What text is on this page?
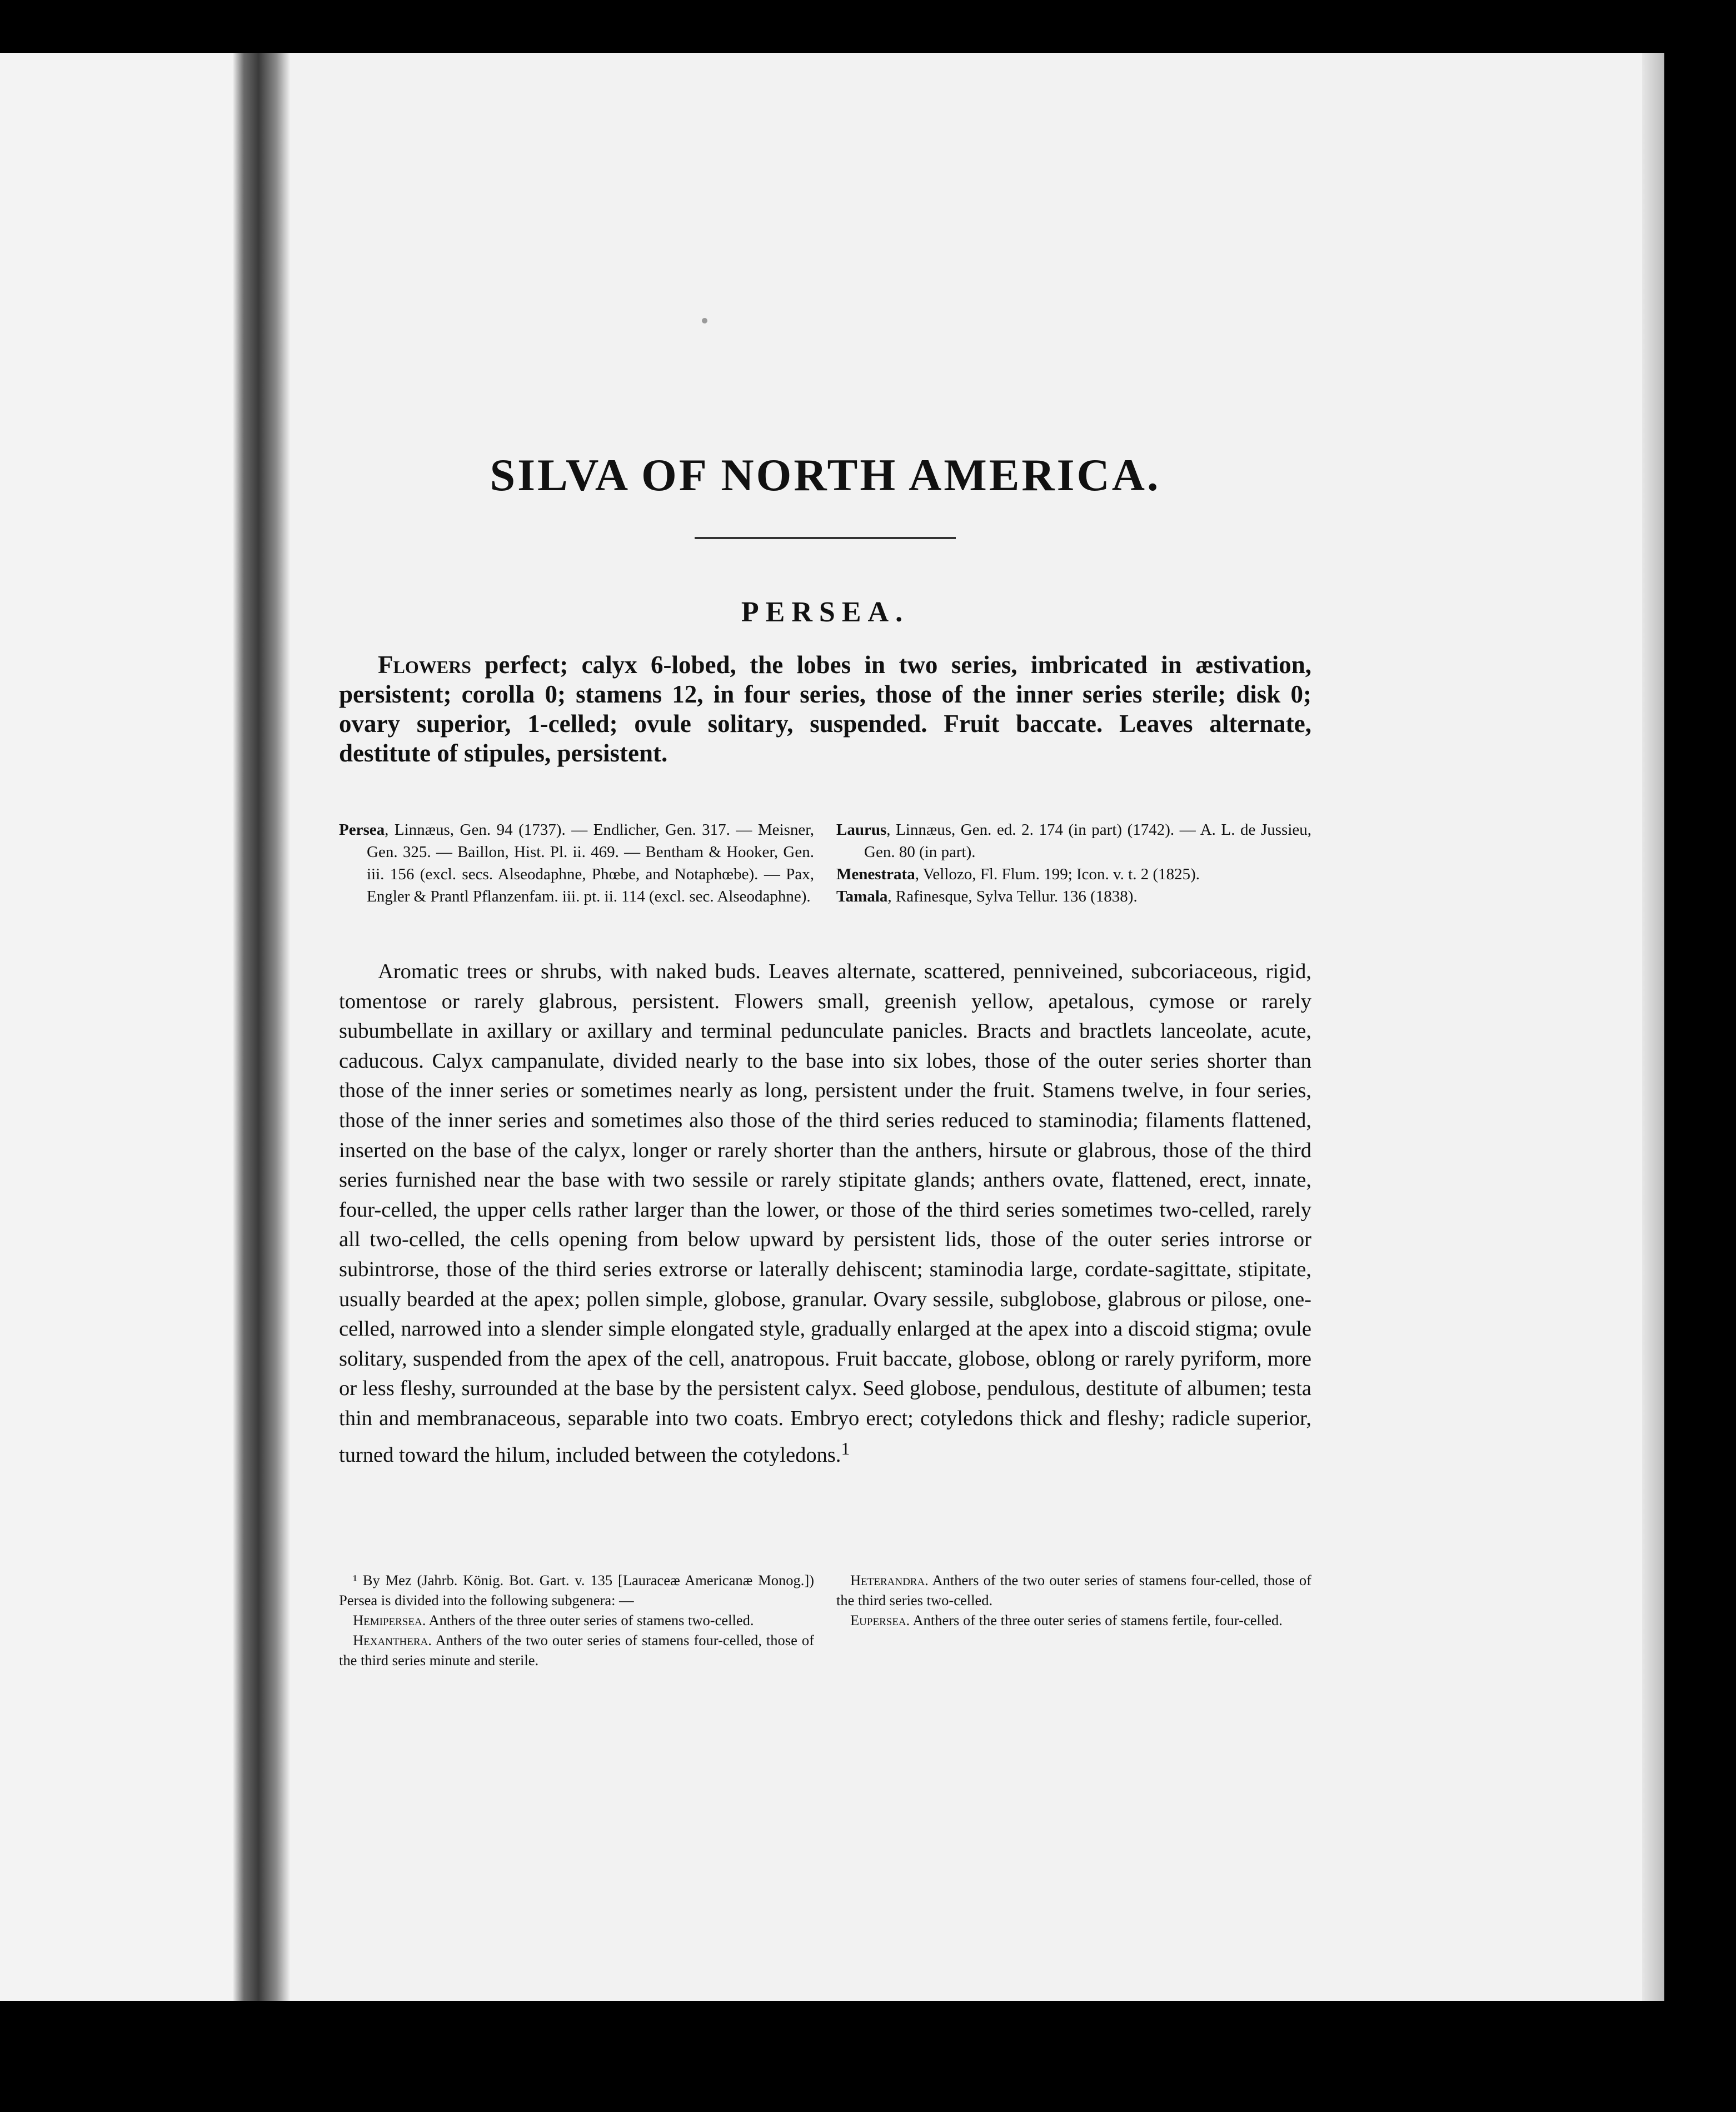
SILVA OF NORTH AMERICA.
PERSEA.

Flowers perfect; calyx 6-lobed, the lobes in two series, imbricated in æstivation, persistent; corolla 0; stamens 12, in four series, those of the inner series sterile; disk 0; ovary superior, 1-celled; ovule solitary, suspended. Fruit baccate. Leaves alternate, destitute of stipules, persistent.

Persea, Linnæus, Gen. 94 (1737). — Endlicher, Gen. 317. — Meisner, Gen. 325. — Baillon, Hist. Pl. ii. 469. — Bentham & Hooker, Gen. iii. 156 (excl. secs. Alseodaphne, Phœbe, and Notaphœbe). — Pax, Engler & Prantl Pflanzenfam. iii. pt. ii. 114 (excl. sec. Alseodaphne).

Laurus, Linnæus, Gen. ed. 2. 174 (in part) (1742). — A. L. de Jussieu, Gen. 80 (in part).

Menestrata, Vellozo, Fl. Flum. 199; Icon. v. t. 2 (1825).

Tamala, Rafinesque, Sylva Tellur. 136 (1838).

Aromatic trees or shrubs, with naked buds. Leaves alternate, scattered, penniveined, subcoriaceous, rigid, tomentose or rarely glabrous, persistent. Flowers small, greenish yellow, apetalous, cymose or rarely subumbellate in axillary or axillary and terminal pedunculate panicles. Bracts and bractlets lanceolate, acute, caducous. Calyx campanulate, divided nearly to the base into six lobes, those of the outer series shorter than those of the inner series or sometimes nearly as long, persistent under the fruit. Stamens twelve, in four series, those of the inner series and sometimes also those of the third series reduced to staminodia; filaments flattened, inserted on the base of the calyx, longer or rarely shorter than the anthers, hirsute or glabrous, those of the third series furnished near the base with two sessile or rarely stipitate glands; anthers ovate, flattened, erect, innate, four-celled, the upper cells rather larger than the lower, or those of the third series sometimes two-celled, rarely all two-celled, the cells opening from below upward by persistent lids, those of the outer series introrse or subintrorse, those of the third series extrorse or laterally dehiscent; staminodia large, cordate-sagittate, stipitate, usually bearded at the apex; pollen simple, globose, granular. Ovary sessile, subglobose, glabrous or pilose, one-celled, narrowed into a slender simple elongated style, gradually enlarged at the apex into a discoid stigma; ovule solitary, suspended from the apex of the cell, anatropous. Fruit baccate, globose, oblong or rarely pyriform, more or less fleshy, surrounded at the base by the persistent calyx. Seed globose, pendulous, destitute of albumen; testa thin and membranaceous, separable into two coats. Embryo erect; cotyledons thick and fleshy; radicle superior, turned toward the hilum, included between the cotyledons.$^1$

¹ By Mez (Jahrb. König. Bot. Gart. v. 135 [Lauraceæ Americanæ Monog.]) Persea is divided into the following subgenera: —

Hemipersea. Anthers of the three outer series of stamens two-celled.

Hexanthera. Anthers of the two outer series of stamens four-celled, those of the third series minute and sterile.

Heterandra. Anthers of the two outer series of stamens four-celled, those of the third series two-celled.

Eupersea. Anthers of the three outer series of stamens fertile, four-celled.
